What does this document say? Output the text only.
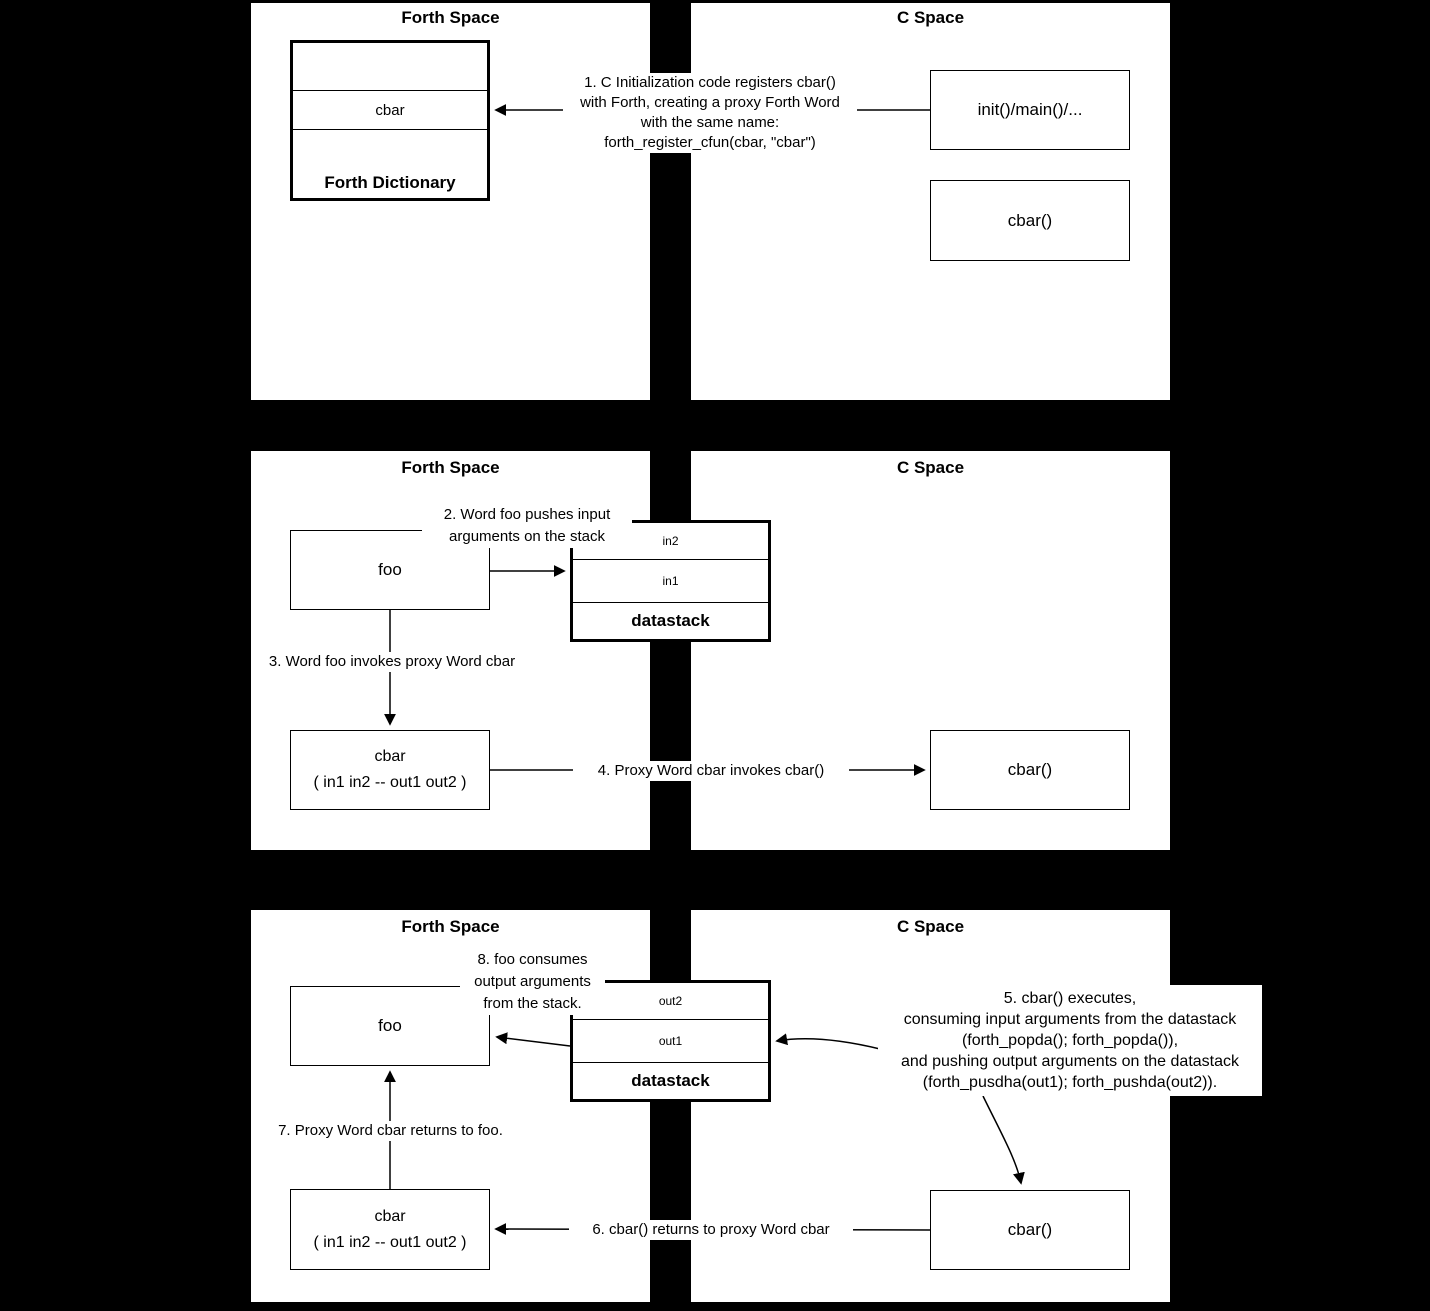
Forth Space	C Space
Forth Space	C Space
Forth Space	C Space
cbar
Forth Dictionary
init()/main()/...
cbar()
foo
in2
in1
datastack
cbar
( in1 in2 -- out1 out2 )
cbar()
foo
out2
out1
datastack
cbar
( in1 in2 -- out1 out2 )
cbar()
1. C Initialization code registers cbar()
with Forth, creating a proxy Forth Word
with the same name:
forth_register_cfun(cbar, "cbar")
2. Word foo pushes input
arguments on the stack
3. Word foo invokes proxy Word cbar
4. Proxy Word cbar invokes cbar()
5. cbar() executes,
consuming input arguments from the datastack
(forth_popda(); forth_popda()),
and pushing output arguments on the datastack
(forth_pusdha(out1); forth_pushda(out2)).
6. cbar() returns to proxy Word cbar
7. Proxy Word cbar returns to foo.
8. foo consumes
output arguments
from the stack.
